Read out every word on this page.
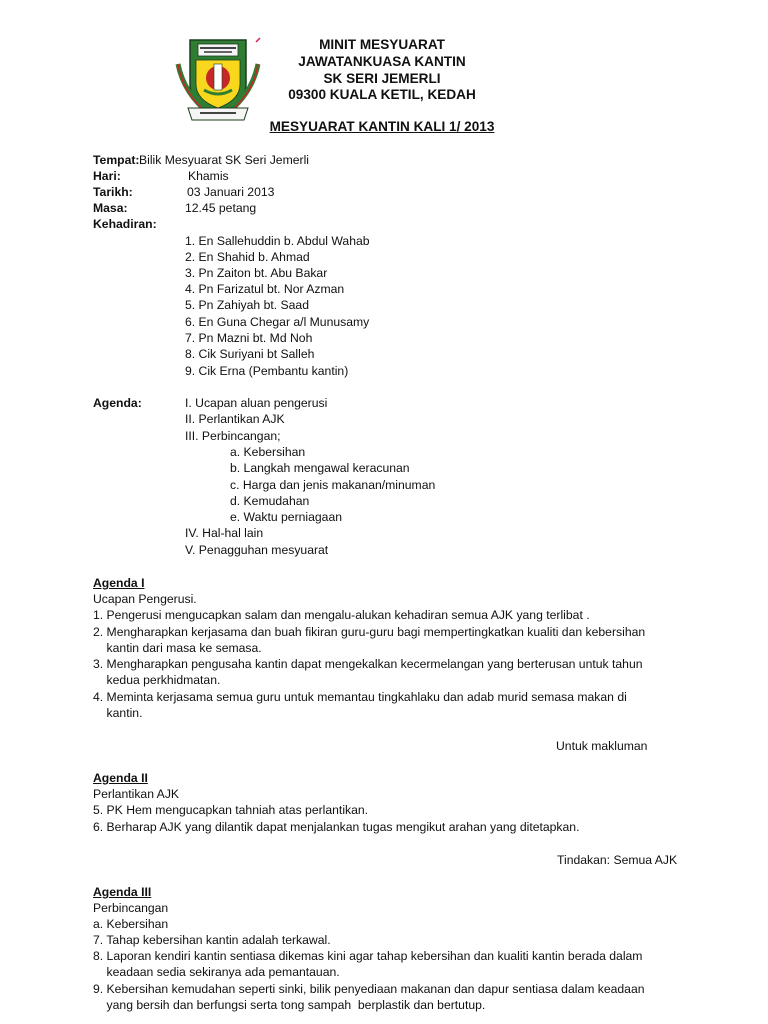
MINIT MESYUARAT
JAWATANKUASA KANTIN
SK SERI JEMERLI
09300 KUALA KETIL, KEDAH
MESYUARAT KANTIN KALI 1/ 2013
Tempat: Bilik Mesyuarat SK Seri Jemerli
Hari:	Khamis
Tarikh:	03 Januari 2013
Masa:	12.45 petang
Kehadiran:
1. En Sallehuddin b. Abdul Wahab
2. En Shahid b. Ahmad
3. Pn Zaiton bt. Abu Bakar
4. Pn Farizatul bt. Nor Azman
5. Pn Zahiyah bt. Saad
6. En Guna Chegar a/l Munusamy
7. Pn Mazni bt. Md Noh
8. Cik Suriyani bt Salleh
9. Cik Erna (Pembantu kantin)
Agenda:	I. Ucapan aluan pengerusi
II. Perlantikan AJK
III. Perbincangan;
a. Kebersihan
b. Langkah mengawal keracunan
c. Harga dan jenis makanan/minuman
d. Kemudahan
e. Waktu perniagaan
IV. Hal-hal lain
V. Penagguhan mesyuarat
Agenda I
Ucapan Pengerusi.
1. Pengerusi mengucapkan salam dan mengalu-alukan kehadiran semua AJK yang terlibat .
2. Mengharapkan kerjasama dan buah fikiran guru-guru bagi mempertingkatkan kualiti dan kebersihan
kantin dari masa ke semasa.
3. Mengharapkan pengusaha kantin dapat mengekalkan kecermelangan yang berterusan untuk tahun
kedua perkhidmatan.
4. Meminta kerjasama semua guru untuk memantau tingkahlaku dan adab murid semasa makan di
kantin.
Untuk makluman
Agenda II
Perlantikan AJK
5. PK Hem mengucapkan tahniah atas perlantikan.
6. Berharap AJK yang dilantik dapat menjalankan tugas mengikut arahan yang ditetapkan.
Tindakan: Semua AJK
Agenda III
Perbincangan
a. Kebersihan
7. Tahap kebersihan kantin adalah terkawal.
8. Laporan kendiri kantin sentiasa dikemas kini agar tahap kebersihan dan kualiti kantin berada dalam
keadaan sedia sekiranya ada pemantauan.
9. Kebersihan kemudahan seperti sinki, bilik penyediaan makanan dan dapur sentiasa dalam keadaan
yang bersih dan berfungsi serta tong sampah  berplastik dan bertutup.
